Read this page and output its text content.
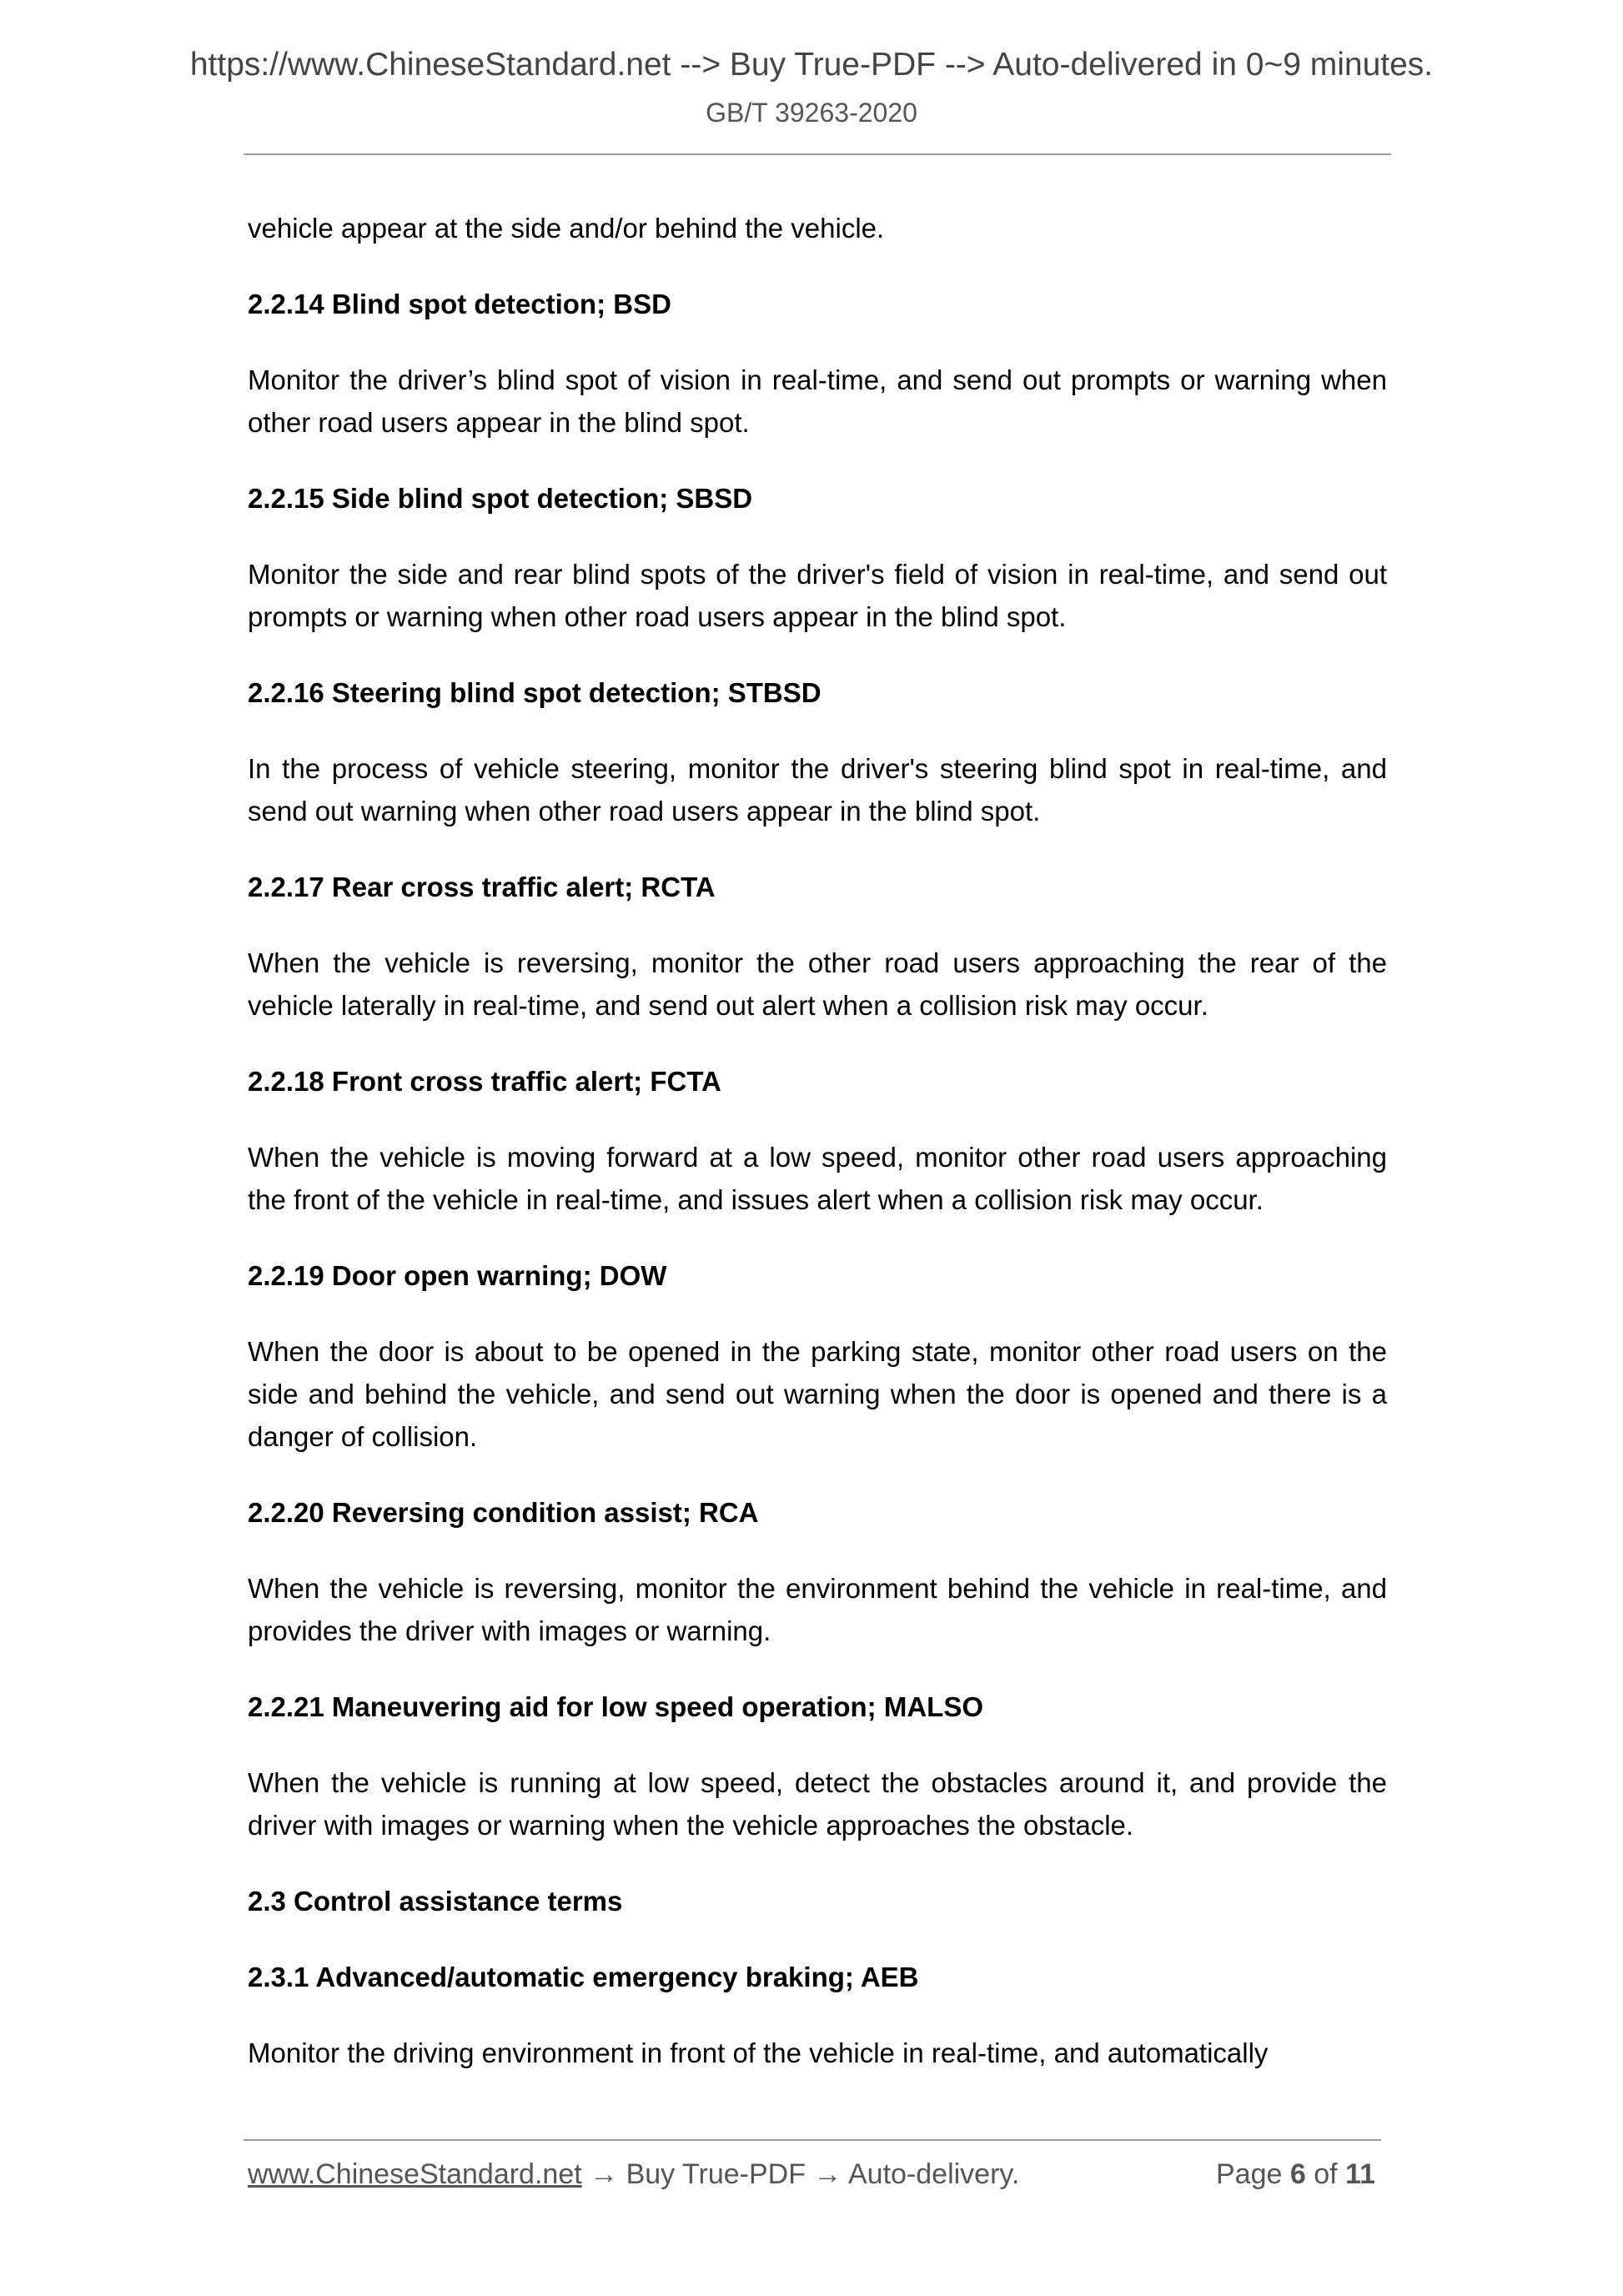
https://www.ChineseStandard.net --> Buy True-PDF --> Auto-delivered in 0~9 minutes.
GB/T 39263-2020
vehicle appear at the side and/or behind the vehicle.
2.2.14 Blind spot detection; BSD
Monitor the driver’s blind spot of vision in real-time, and send out prompts or warning when other road users appear in the blind spot.
2.2.15 Side blind spot detection; SBSD
Monitor the side and rear blind spots of the driver's field of vision in real-time, and send out prompts or warning when other road users appear in the blind spot.
2.2.16 Steering blind spot detection; STBSD
In the process of vehicle steering, monitor the driver's steering blind spot in real-time, and send out warning when other road users appear in the blind spot.
2.2.17 Rear cross traffic alert; RCTA
When the vehicle is reversing, monitor the other road users approaching the rear of the vehicle laterally in real-time, and send out alert when a collision risk may occur.
2.2.18 Front cross traffic alert; FCTA
When the vehicle is moving forward at a low speed, monitor other road users approaching the front of the vehicle in real-time, and issues alert when a collision risk may occur.
2.2.19 Door open warning; DOW
When the door is about to be opened in the parking state, monitor other road users on the side and behind the vehicle, and send out warning when the door is opened and there is a danger of collision.
2.2.20 Reversing condition assist; RCA
When the vehicle is reversing, monitor the environment behind the vehicle in real-time, and provides the driver with images or warning.
2.2.21 Maneuvering aid for low speed operation; MALSO
When the vehicle is running at low speed, detect the obstacles around it, and provide the driver with images or warning when the vehicle approaches the obstacle.
2.3 Control assistance terms
2.3.1 Advanced/automatic emergency braking; AEB
Monitor the driving environment in front of the vehicle in real-time, and automatically
www.ChineseStandard.net → Buy True-PDF → Auto-delivery.	Page 6 of 11
